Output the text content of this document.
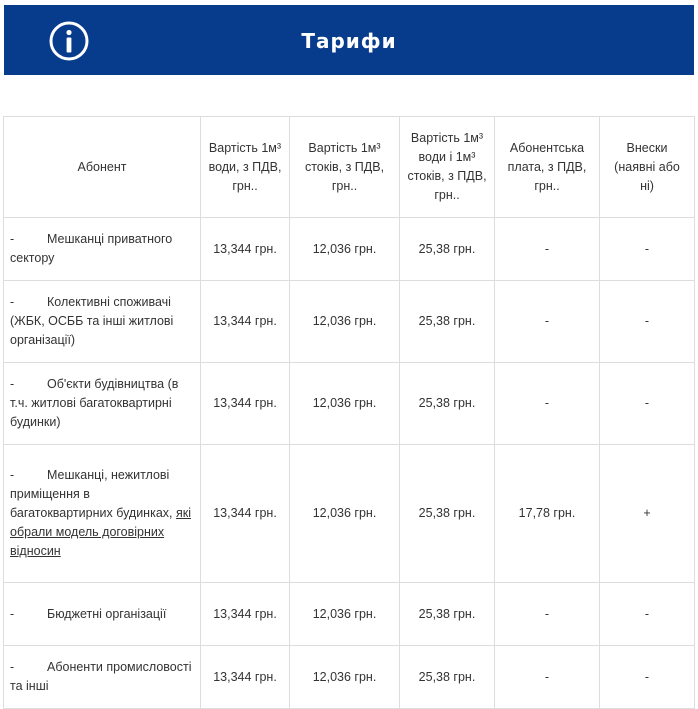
Тарифи
Абонент	Вартість 1м³ води, з ПДВ, грн..	Вартість 1м³ стоків, з ПДВ, грн..	Вартість 1м³ води і 1м³ стоків, з ПДВ, грн..	Абонентська плата, з ПДВ, грн..	Внески (наявні або ні)
- Мешканці приватного сектору	13,344 грн.	12,036 грн.	25,38 грн.	-	-
- Колективні споживачі (ЖБК, ОСББ та інші житлові організації)	13,344 грн.	12,036 грн.	25,38 грн.	-	-
- Об'єкти будівництва (в т.ч. житлові багатоквартирні будинки)	13,344 грн.	12,036 грн.	25,38 грн.	-	-
- Мешканці, нежитлові приміщення в багатоквартирних будинках, які обрали модель договірних відносин	13,344 грн.	12,036 грн.	25,38 грн.	17,78 грн.	+
- Бюджетні організації	13,344 грн.	12,036 грн.	25,38 грн.	-	-
- Абоненти промисловості та інші	13,344 грн.	12,036 грн.	25,38 грн.	-	-
